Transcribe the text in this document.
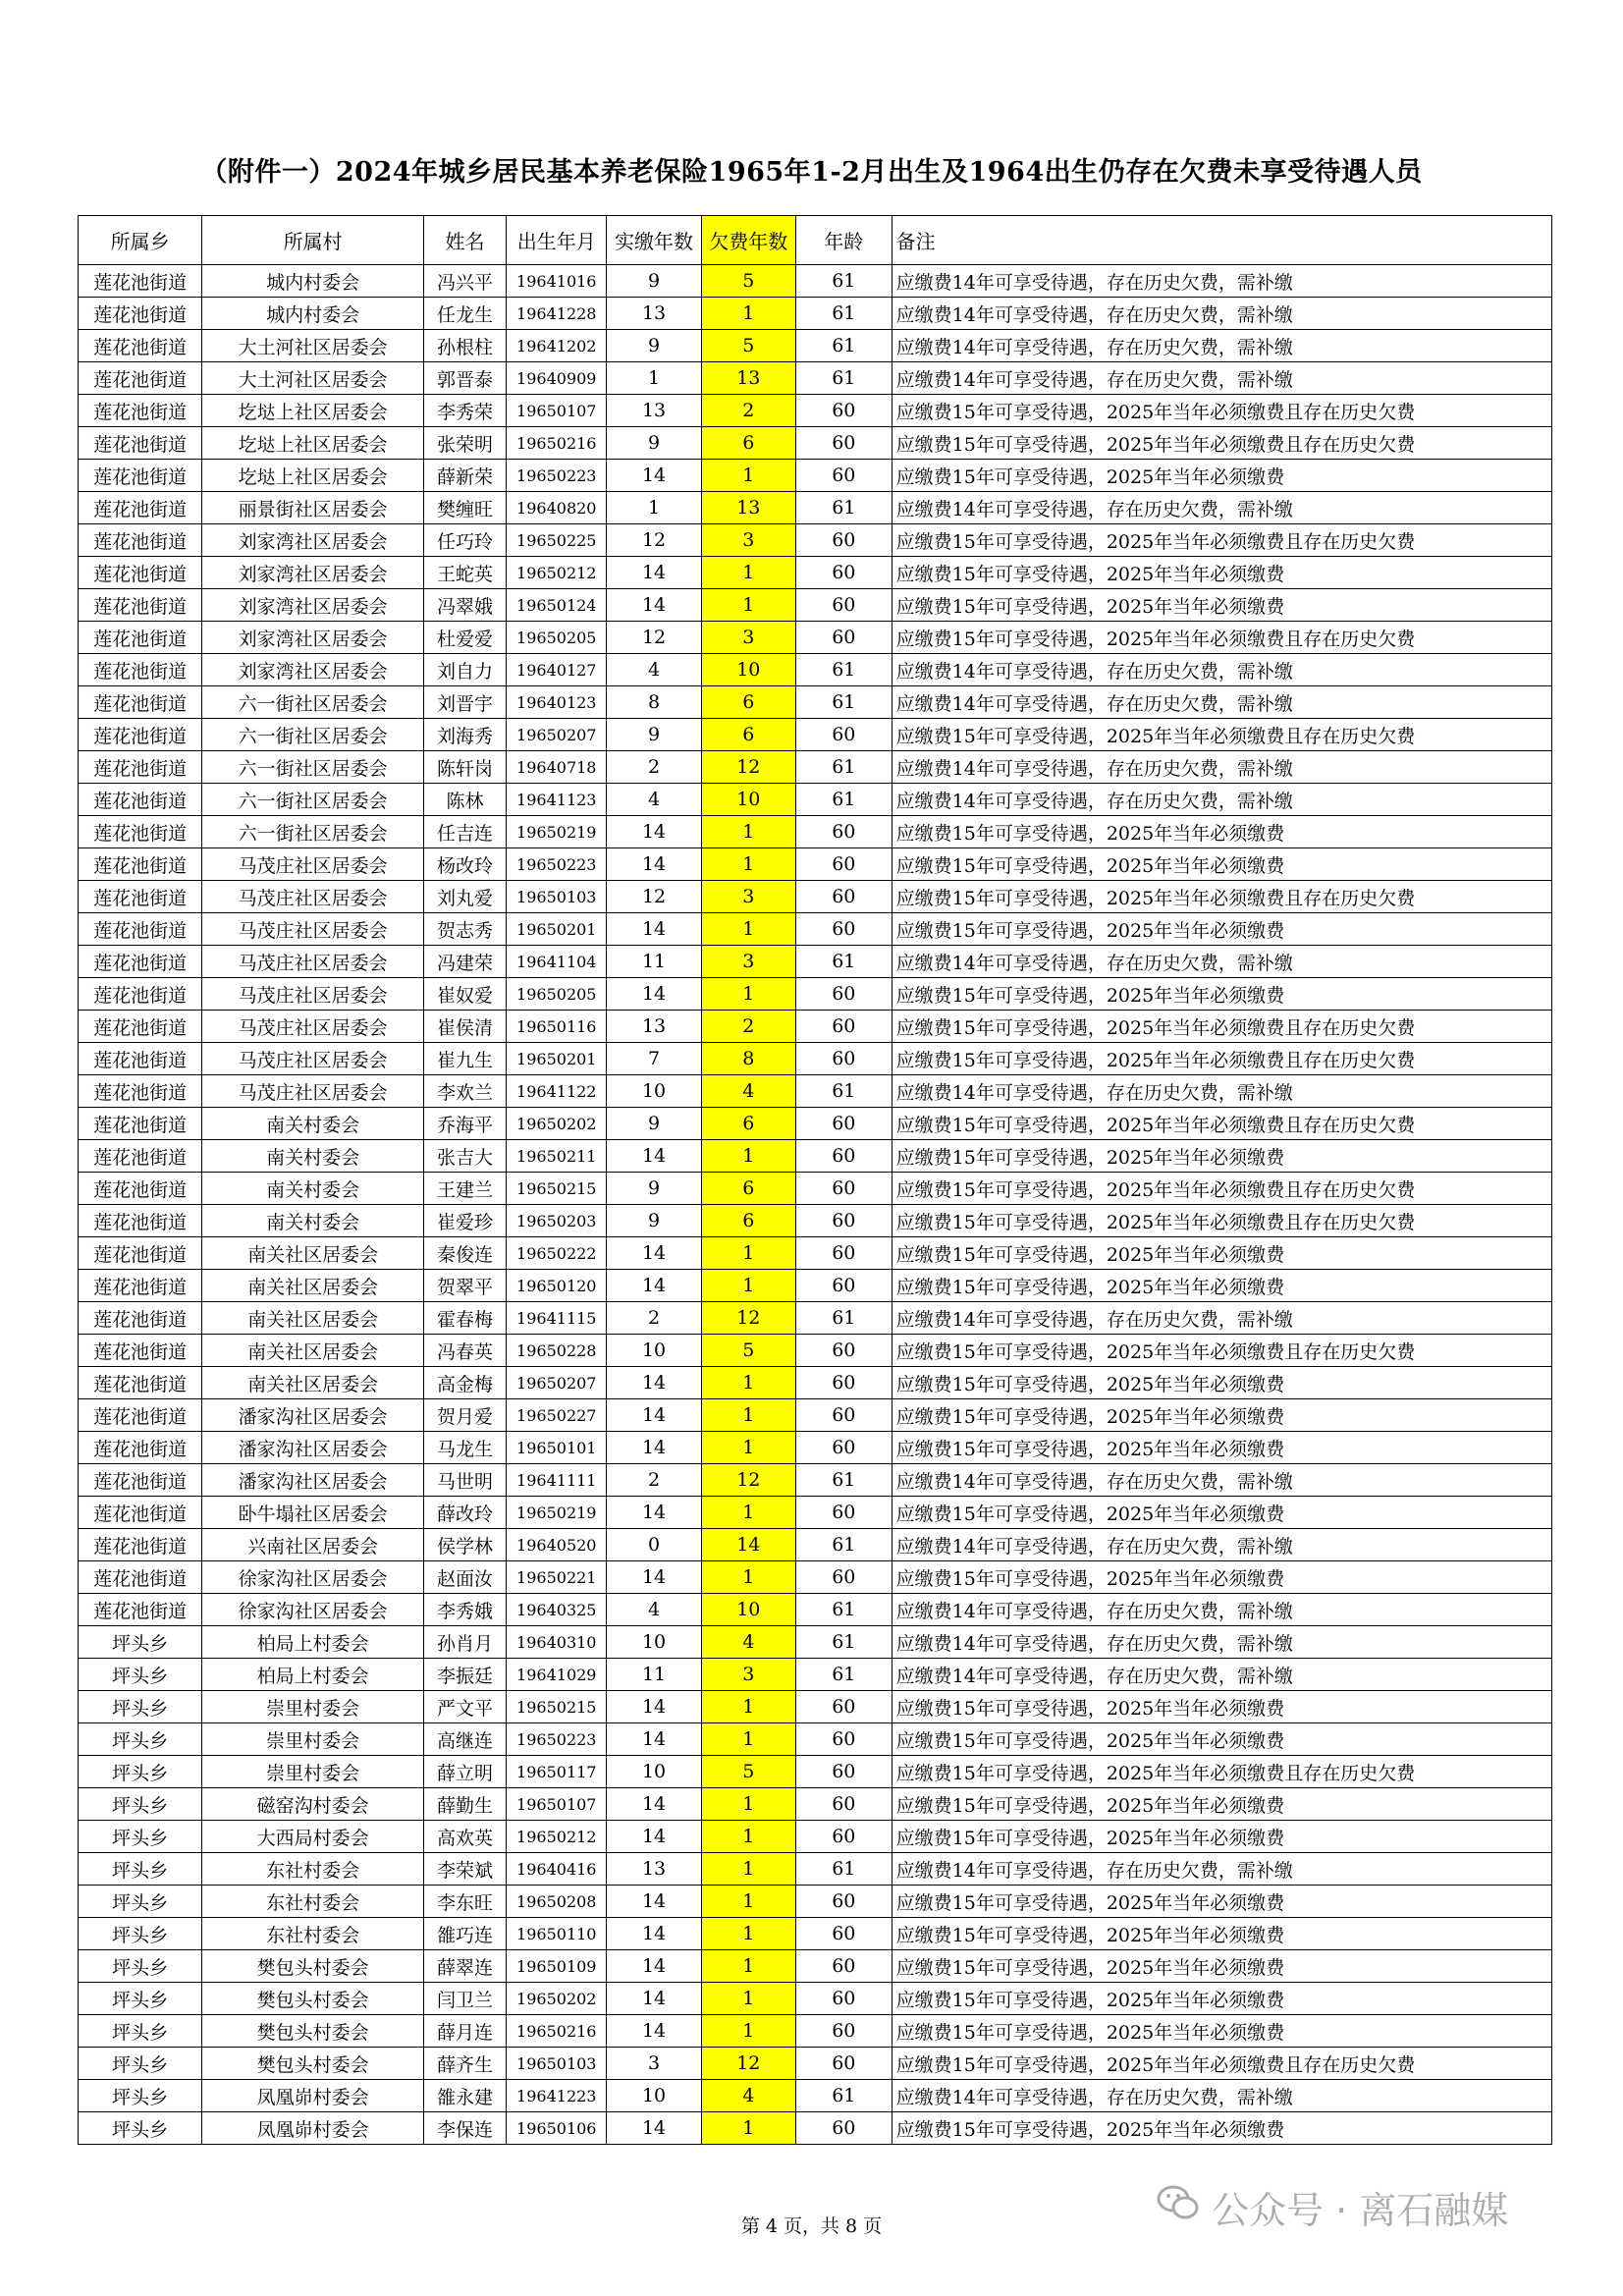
（附件一）2024年城乡居民基本养老保险1965年1-2月出生及1964出生仍存在欠费未享受待遇人员
所属乡	所属村	姓名	出生年月	实缴年数	欠费年数	年龄	备注
莲花池街道	城内村委会	冯兴平	19641016	9	5	61	应缴费14年可享受待遇，存在历史欠费，需补缴
莲花池街道	城内村委会	任龙生	19641228	13	1	61	应缴费14年可享受待遇，存在历史欠费，需补缴
莲花池街道	大土河社区居委会	孙根柱	19641202	9	5	61	应缴费14年可享受待遇，存在历史欠费，需补缴
莲花池街道	大土河社区居委会	郭晋泰	19640909	1	13	61	应缴费14年可享受待遇，存在历史欠费，需补缴
莲花池街道	圪垯上社区居委会	李秀荣	19650107	13	2	60	应缴费15年可享受待遇，2025年当年必须缴费且存在历史欠费
莲花池街道	圪垯上社区居委会	张荣明	19650216	9	6	60	应缴费15年可享受待遇，2025年当年必须缴费且存在历史欠费
莲花池街道	圪垯上社区居委会	薛新荣	19650223	14	1	60	应缴费15年可享受待遇，2025年当年必须缴费
莲花池街道	丽景街社区居委会	樊缠旺	19640820	1	13	61	应缴费14年可享受待遇，存在历史欠费，需补缴
莲花池街道	刘家湾社区居委会	任巧玲	19650225	12	3	60	应缴费15年可享受待遇，2025年当年必须缴费且存在历史欠费
莲花池街道	刘家湾社区居委会	王蛇英	19650212	14	1	60	应缴费15年可享受待遇，2025年当年必须缴费
莲花池街道	刘家湾社区居委会	冯翠娥	19650124	14	1	60	应缴费15年可享受待遇，2025年当年必须缴费
莲花池街道	刘家湾社区居委会	杜爱爱	19650205	12	3	60	应缴费15年可享受待遇，2025年当年必须缴费且存在历史欠费
莲花池街道	刘家湾社区居委会	刘自力	19640127	4	10	61	应缴费14年可享受待遇，存在历史欠费，需补缴
莲花池街道	六一街社区居委会	刘晋宇	19640123	8	6	61	应缴费14年可享受待遇，存在历史欠费，需补缴
莲花池街道	六一街社区居委会	刘海秀	19650207	9	6	60	应缴费15年可享受待遇，2025年当年必须缴费且存在历史欠费
莲花池街道	六一街社区居委会	陈轩岗	19640718	2	12	61	应缴费14年可享受待遇，存在历史欠费，需补缴
莲花池街道	六一街社区居委会	陈林	19641123	4	10	61	应缴费14年可享受待遇，存在历史欠费，需补缴
莲花池街道	六一街社区居委会	任吉连	19650219	14	1	60	应缴费15年可享受待遇，2025年当年必须缴费
莲花池街道	马茂庄社区居委会	杨改玲	19650223	14	1	60	应缴费15年可享受待遇，2025年当年必须缴费
莲花池街道	马茂庄社区居委会	刘丸爱	19650103	12	3	60	应缴费15年可享受待遇，2025年当年必须缴费且存在历史欠费
莲花池街道	马茂庄社区居委会	贺志秀	19650201	14	1	60	应缴费15年可享受待遇，2025年当年必须缴费
莲花池街道	马茂庄社区居委会	冯建荣	19641104	11	3	61	应缴费14年可享受待遇，存在历史欠费，需补缴
莲花池街道	马茂庄社区居委会	崔奴爱	19650205	14	1	60	应缴费15年可享受待遇，2025年当年必须缴费
莲花池街道	马茂庄社区居委会	崔侯清	19650116	13	2	60	应缴费15年可享受待遇，2025年当年必须缴费且存在历史欠费
莲花池街道	马茂庄社区居委会	崔九生	19650201	7	8	60	应缴费15年可享受待遇，2025年当年必须缴费且存在历史欠费
莲花池街道	马茂庄社区居委会	李欢兰	19641122	10	4	61	应缴费14年可享受待遇，存在历史欠费，需补缴
莲花池街道	南关村委会	乔海平	19650202	9	6	60	应缴费15年可享受待遇，2025年当年必须缴费且存在历史欠费
莲花池街道	南关村委会	张吉大	19650211	14	1	60	应缴费15年可享受待遇，2025年当年必须缴费
莲花池街道	南关村委会	王建兰	19650215	9	6	60	应缴费15年可享受待遇，2025年当年必须缴费且存在历史欠费
莲花池街道	南关村委会	崔爱珍	19650203	9	6	60	应缴费15年可享受待遇，2025年当年必须缴费且存在历史欠费
莲花池街道	南关社区居委会	秦俊连	19650222	14	1	60	应缴费15年可享受待遇，2025年当年必须缴费
莲花池街道	南关社区居委会	贺翠平	19650120	14	1	60	应缴费15年可享受待遇，2025年当年必须缴费
莲花池街道	南关社区居委会	霍春梅	19641115	2	12	61	应缴费14年可享受待遇，存在历史欠费，需补缴
莲花池街道	南关社区居委会	冯春英	19650228	10	5	60	应缴费15年可享受待遇，2025年当年必须缴费且存在历史欠费
莲花池街道	南关社区居委会	高金梅	19650207	14	1	60	应缴费15年可享受待遇，2025年当年必须缴费
莲花池街道	潘家沟社区居委会	贺月爱	19650227	14	1	60	应缴费15年可享受待遇，2025年当年必须缴费
莲花池街道	潘家沟社区居委会	马龙生	19650101	14	1	60	应缴费15年可享受待遇，2025年当年必须缴费
莲花池街道	潘家沟社区居委会	马世明	19641111	2	12	61	应缴费14年可享受待遇，存在历史欠费，需补缴
莲花池街道	卧牛塌社区居委会	薛改玲	19650219	14	1	60	应缴费15年可享受待遇，2025年当年必须缴费
莲花池街道	兴南社区居委会	侯学林	19640520	0	14	61	应缴费14年可享受待遇，存在历史欠费，需补缴
莲花池街道	徐家沟社区居委会	赵面汝	19650221	14	1	60	应缴费15年可享受待遇，2025年当年必须缴费
莲花池街道	徐家沟社区居委会	李秀娥	19640325	4	10	61	应缴费14年可享受待遇，存在历史欠费，需补缴
坪头乡	柏局上村委会	孙肖月	19640310	10	4	61	应缴费14年可享受待遇，存在历史欠费，需补缴
坪头乡	柏局上村委会	李振廷	19641029	11	3	61	应缴费14年可享受待遇，存在历史欠费，需补缴
坪头乡	崇里村委会	严文平	19650215	14	1	60	应缴费15年可享受待遇，2025年当年必须缴费
坪头乡	崇里村委会	高继连	19650223	14	1	60	应缴费15年可享受待遇，2025年当年必须缴费
坪头乡	崇里村委会	薛立明	19650117	10	5	60	应缴费15年可享受待遇，2025年当年必须缴费且存在历史欠费
坪头乡	磁窑沟村委会	薛勤生	19650107	14	1	60	应缴费15年可享受待遇，2025年当年必须缴费
坪头乡	大西局村委会	高欢英	19650212	14	1	60	应缴费15年可享受待遇，2025年当年必须缴费
坪头乡	东社村委会	李荣斌	19640416	13	1	61	应缴费14年可享受待遇，存在历史欠费，需补缴
坪头乡	东社村委会	李东旺	19650208	14	1	60	应缴费15年可享受待遇，2025年当年必须缴费
坪头乡	东社村委会	雒巧连	19650110	14	1	60	应缴费15年可享受待遇，2025年当年必须缴费
坪头乡	樊包头村委会	薛翠连	19650109	14	1	60	应缴费15年可享受待遇，2025年当年必须缴费
坪头乡	樊包头村委会	闫卫兰	19650202	14	1	60	应缴费15年可享受待遇，2025年当年必须缴费
坪头乡	樊包头村委会	薛月连	19650216	14	1	60	应缴费15年可享受待遇，2025年当年必须缴费
坪头乡	樊包头村委会	薛齐生	19650103	3	12	60	应缴费15年可享受待遇，2025年当年必须缴费且存在历史欠费
坪头乡	凤凰峁村委会	雒永建	19641223	10	4	61	应缴费14年可享受待遇，存在历史欠费，需补缴
坪头乡	凤凰峁村委会	李保连	19650106	14	1	60	应缴费15年可享受待遇，2025年当年必须缴费
第 4 页，共 8 页	公众号 · 离石融媒
